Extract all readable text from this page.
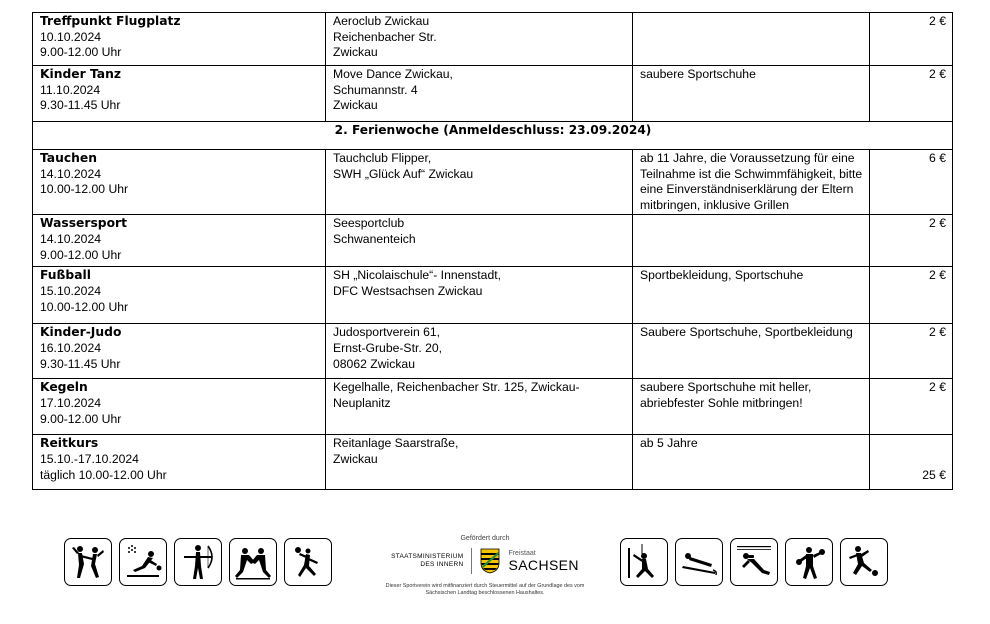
Treffpunkt Flugplatz
10.10.2024
9.00-12.00 Uhr	Aeroclub Zwickau
Reichenbacher Str.
Zwickau		2 €

Kinder Tanz
11.10.2024
9.30-11.45 Uhr	Move Dance Zwickau,
Schumannstr. 4
Zwickau	saubere Sportschuhe	2 €
2. Ferienwoche (Anmeldeschluss: 23.09.2024)			

Tauchen
14.10.2024
10.00-12.00 Uhr	Tauchclub Flipper,
SWH „Glück Auf“ Zwickau	ab 11 Jahre, die Voraussetzung für eine Teilnahme ist die Schwimmfähigkeit, bitte eine Einverständniserklärung der Eltern mitbringen, inklusive Grillen	6 €

Wassersport
14.10.2024
9.00-12.00 Uhr	Seesportclub
Schwanenteich		2 €

Fußball
15.10.2024
10.00-12.00 Uhr	SH „Nicolaischule“- Innenstadt,
DFC Westsachsen Zwickau	Sportbekleidung, Sportschuhe	2 €

Kinder-Judo
16.10.2024
9.30-11.45 Uhr	Judosportverein 61,
Ernst-Grube-Str. 20,
08062 Zwickau	Saubere Sportschuhe, Sportbekleidung	2 €

Kegeln
17.10.2024
9.00-12.00 Uhr	Kegelhalle, Reichenbacher Str. 125, Zwickau-Neuplanitz	saubere Sportschuhe mit heller, abriebfester Sohle mitbringen!	2 €

Reitkurs
15.10.-17.10.2024
täglich 10.00-12.00 Uhr	Reitanlage Saarstraße,
Zwickau	ab 5 Jahre	25 €
Gefördert durch
STAATSMINISTERIUM
DES INNERN
Freistaat
SACHSEN
Dieser Sportverein wird mitfinanziert durch Steuermittel auf der Grundlage des vom Sächsischen Landtag beschlossenen Haushaltes.
